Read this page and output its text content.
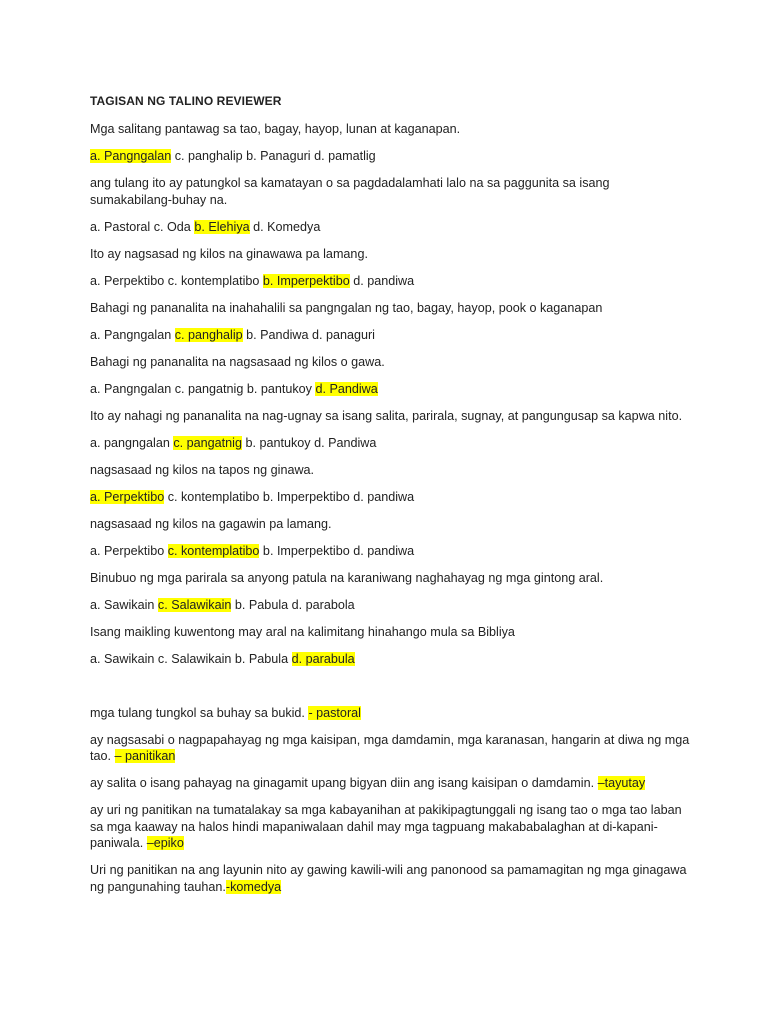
TAGISAN NG TALINO REVIEWER
Mga salitang pantawag sa tao, bagay, hayop, lunan at kaganapan.
a. Pangngalan c. panghalip b. Panaguri d. pamatlig
ang tulang ito ay patungkol sa kamatayan o sa pagdadalamhati lalo na sa paggunita sa isang sumakabilang-buhay na.
a. Pastoral c. Oda b. Elehiya d. Komedya
Ito ay nagsasad ng kilos na ginawawa pa lamang.
a. Perpektibo c. kontemplatibo b. Imperpektibo d. pandiwa
Bahagi ng pananalita na inahahalili sa pangngalan ng tao, bagay, hayop, pook o kaganapan
a. Pangngalan c. panghalip b. Pandiwa d. panaguri
Bahagi ng pananalita na nagsasaad ng kilos o gawa.
a. Pangngalan c. pangatnig b. pantukoy d. Pandiwa
Ito ay nahagi ng pananalita na nag-ugnay sa isang salita, parirala, sugnay, at pangungusap sa kapwa nito.
a. pangngalan c. pangatnig b. pantukoy d. Pandiwa
nagsasaad ng kilos na tapos ng ginawa.
a. Perpektibo c. kontemplatibo b. Imperpektibo d. pandiwa
nagsasaad ng kilos na gagawin pa lamang.
a. Perpektibo c. kontemplatibo b. Imperpektibo d. pandiwa
Binubuo ng mga parirala sa anyong patula na karaniwang naghahayag ng mga gintong aral.
a. Sawikain c. Salawikain b. Pabula d. parabola
Isang maikling kuwentong may aral na kalimitang hinahango mula sa Bibliya
a. Sawikain c. Salawikain b. Pabula d. parabula
mga tulang tungkol sa buhay sa bukid. - pastoral
ay nagsasabi o nagpapahayag ng mga kaisipan, mga damdamin, mga karanasan, hangarin at diwa ng mga tao. – panitikan
ay salita o isang pahayag na ginagamit upang bigyan diin ang isang kaisipan o damdamin. –tayutay
ay uri ng panitikan na tumatalakay sa mga kabayanihan at pakikipagtunggali ng isang tao o mga tao laban sa mga kaaway na halos hindi mapaniwalaan dahil may mga tagpuang makababalaghan at di-kapani-paniwala. –epiko
Uri ng panitikan na ang layunin nito ay gawing kawili-wili ang panonood sa pamamagitan ng mga ginagawa ng pangunahing tauhan.-komedya
